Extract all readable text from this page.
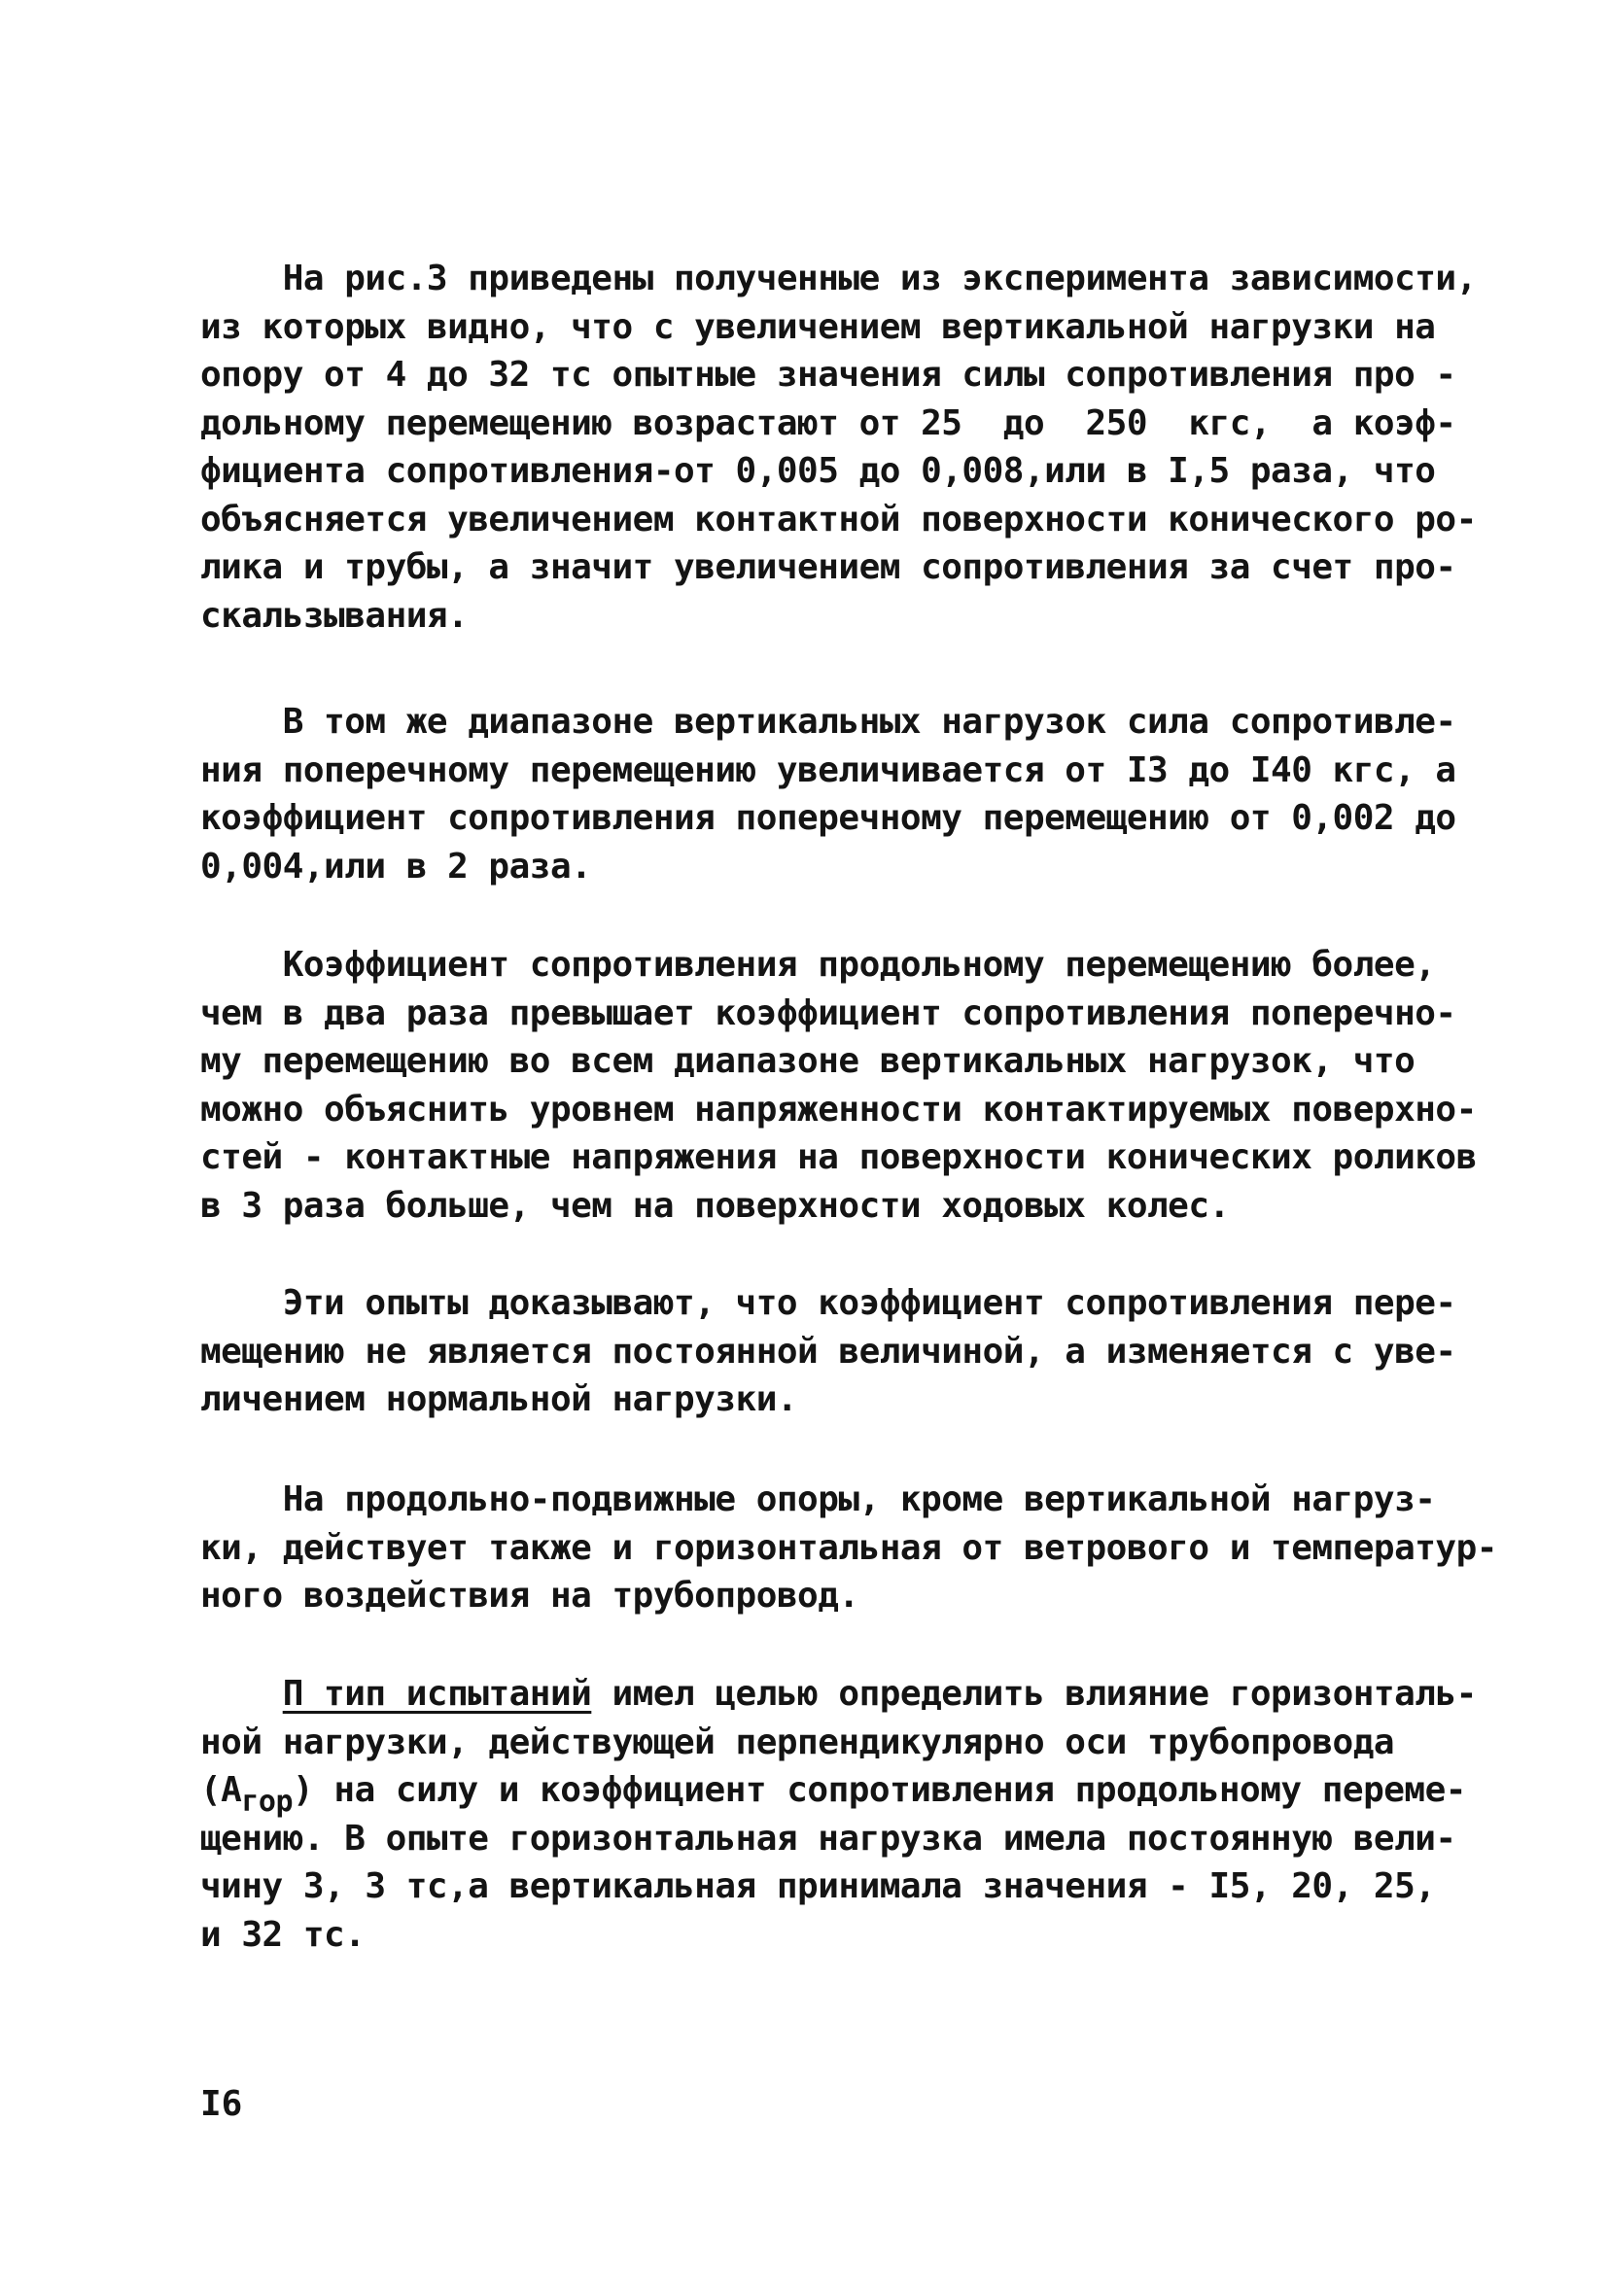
На рис.3 приведены полученные из эксперимента зависимости,
из которых видно, что с увеличением вертикальной нагрузки на
опору от 4 до 32 тс опытные значения силы сопротивления про -
дольному перемещению возрастают от 25  до  250  кгс,  а коэф-
фициента сопротивления-от 0,005 до 0,008,или в I,5 раза, что
объясняется увеличением контактной поверхности конического ро-
лика и трубы, а значит увеличением сопротивления за счет про-
скальзывания.
В том же диапазоне вертикальных нагрузок сила сопротивле-
ния поперечному перемещению увеличивается от I3 до I40 кгс, а
коэффициент сопротивления поперечному перемещению от 0,002 до
0,004,или в 2 раза.
Коэффициент сопротивления продольному перемещению более,
чем в два раза превышает коэффициент сопротивления поперечно-
му перемещению во всем диапазоне вертикальных нагрузок, что
можно объяснить уровнем напряженности контактируемых поверхно-
стей - контактные напряжения на поверхности конических роликов
в 3 раза больше, чем на поверхности ходовых колес.
Эти опыты доказывают, что коэффициент сопротивления пере-
мещению не является постоянной величиной, а изменяется с уве-
личением нормальной нагрузки.
На продольно-подвижные опоры, кроме вертикальной нагруз-
ки, действует также и горизонтальная от ветрового и температур-
ного воздействия на трубопровод.
П тип испытаний имел целью определить влияние горизонталь-
ной нагрузки, действующей перпендикулярно оси трубопровода
$(A_{гор})$ на силу и коэффициент сопротивления продольному переме-
щению. В опыте горизонтальная нагрузка имела постоянную вели-
чину 3, 3 тс,а вертикальная принимала значения - I5, 20, 25,
и 32 тс.
I6
